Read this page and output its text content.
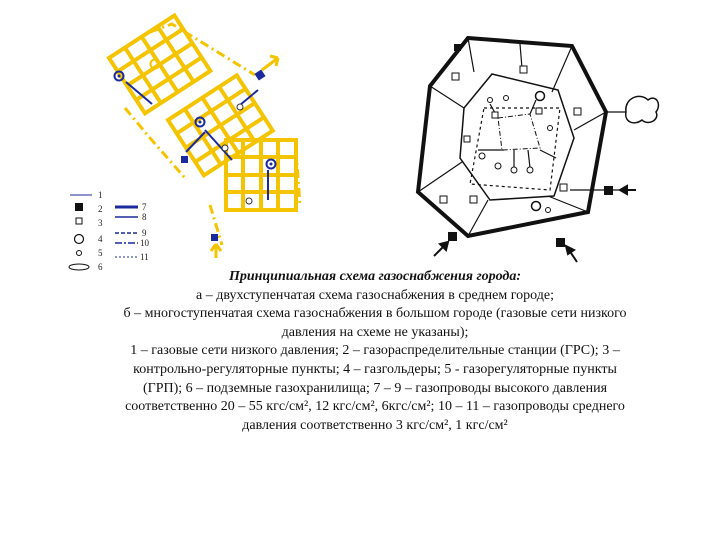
1
2
3
4
5
6
7
8
9
10
11
Принципиальная схема газоснабжения города:
а – двухступенчатая схема газоснабжения в среднем городе;
б – многоступенчатая схема газоснабжения в большом городе (газовые сети низкого
давления на схеме не указаны);
1 – газовые сети низкого давления; 2 – газораспределительные станции (ГРС); 3 –
контрольно-регуляторные пункты; 4 – газгольдеры; 5 - газорегуляторные пункты
(ГРП); 6 – подземные газохранилища; 7 – 9 – газопроводы высокого давления
соответственно 20 – 55 кгс/см², 12 кгс/см², 6кгс/см²; 10 – 11 – газопроводы среднего
давления соответственно 3 кгс/см², 1 кгс/см²
